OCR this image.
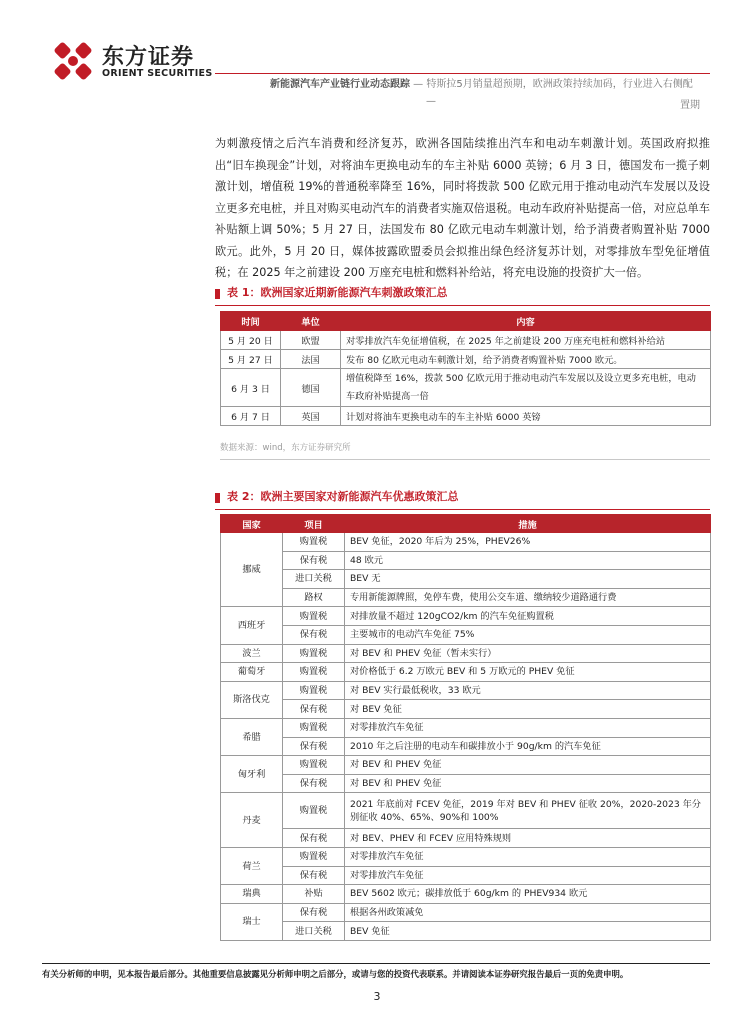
东方证券
ORIENT SECURITIES
新能源汽车产业链行业动态跟踪 — 特斯拉5月销量超预期，欧洲政策持续加码，行业进入右侧配
—	置期
为刺激疫情之后汽车消费和经济复苏，欧洲各国陆续推出汽车和电动车刺激计划。英国政府拟推出“旧车换现金”计划，对将油车更换电动车的车主补贴 6000 英镑；6 月 3 日，德国发布一揽子刺激计划，增值税 19%的普通税率降至 16%，同时将拨款 500 亿欧元用于推动电动汽车发展以及设立更多充电桩，并且对购买电动汽车的消费者实施双倍退税。电动车政府补贴提高一倍，对应总单车补贴额上调 50%；5 月 27 日，法国发布 80 亿欧元电动车刺激计划，给予消费者购置补贴 7000 欧元。此外，5 月 20 日，媒体披露欧盟委员会拟推出绿色经济复苏计划，对零排放车型免征增值税；在 2025 年之前建设 200 万座充电桩和燃料补给站，将充电设施的投资扩大一倍。
表 1：欧洲国家近期新能源汽车刺激政策汇总
时间	单位	内容
5 月 20 日	欧盟	对零排放汽车免征增值税，在 2025 年之前建设 200 万座充电桩和燃料补给站
5 月 27 日	法国	发布 80 亿欧元电动车刺激计划，给予消费者购置补贴 7000 欧元。
6 月 3 日	德国	增值税降至 16%，拨款 500 亿欧元用于推动电动汽车发展以及设立更多充电桩，电动车政府补贴提高一倍
6 月 7 日	英国	计划对将油车更换电动车的车主补贴 6000 英镑
数据来源：wind，东方证券研究所
表 2：欧洲主要国家对新能源汽车优惠政策汇总
国家	项目	措施
挪威	购置税	BEV 免征，2020 年后为 25%，PHEV26%
	保有税	48 欧元
	进口关税	BEV 无
	路权	专用新能源牌照，免停车费，使用公交车道、缴纳较少道路通行费
西班牙	购置税	对排放量不超过 120gCO2/km 的汽车免征购置税
	保有税	主要城市的电动汽车免征 75%
波兰	购置税	对 BEV 和 PHEV 免征（暂未实行）
葡萄牙	购置税	对价格低于 6.2 万欧元 BEV 和 5 万欧元的 PHEV 免征
斯洛伐克	购置税	对 BEV 实行最低税收，33 欧元
	保有税	对 BEV 免征
希腊	购置税	对零排放汽车免征
	保有税	2010 年之后注册的电动车和碳排放小于 90g/km 的汽车免征
匈牙利	购置税	对 BEV 和 PHEV 免征
	保有税	对 BEV 和 PHEV 免征
丹麦	购置税	2021 年底前对 FCEV 免征，2019 年对 BEV 和 PHEV 征收 20%，2020-2023 年分别征收 40%、65%、90%和 100%
	保有税	对 BEV、PHEV 和 FCEV 应用特殊规则
荷兰	购置税	对零排放汽车免征
	保有税	对零排放汽车免征
瑞典	补贴	BEV 5602 欧元；碳排放低于 60g/km 的 PHEV934 欧元
瑞士	保有税	根据各州政策减免
	进口关税	BEV 免征
有关分析师的申明，见本报告最后部分。其他重要信息披露见分析师申明之后部分，或请与您的投资代表联系。并请阅读本证券研究报告最后一页的免责申明。
3
